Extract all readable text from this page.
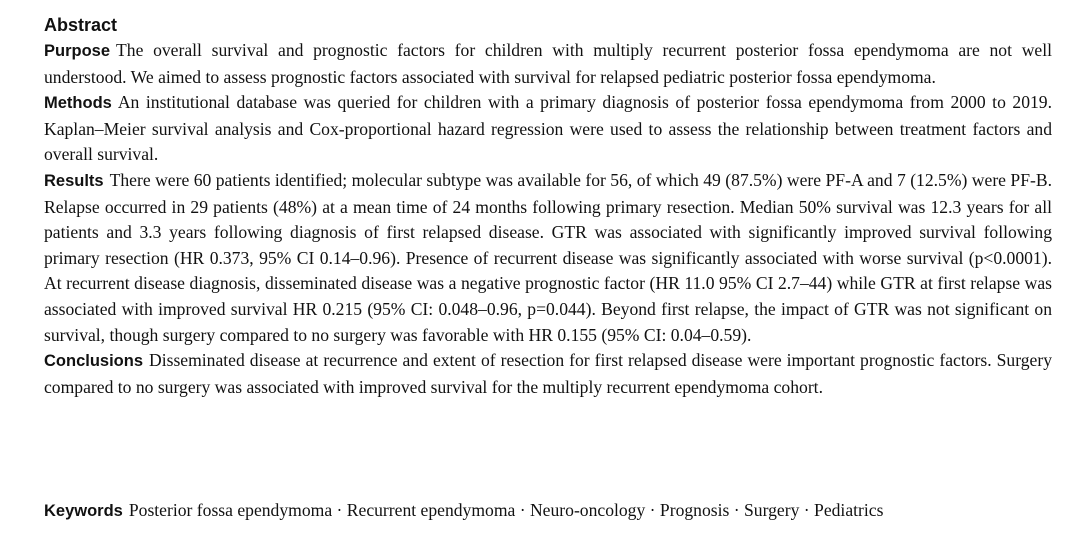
Abstract

Purpose The overall survival and prognostic factors for children with multiply recurrent posterior fossa ependymoma are not well understood. We aimed to assess prognostic factors associated with survival for relapsed pediatric posterior fossa ependymoma.

Methods An institutional database was queried for children with a primary diagnosis of posterior fossa ependymoma from 2000 to 2019. Kaplan–Meier survival analysis and Cox-proportional hazard regression were used to assess the relationship between treatment factors and overall survival.

Results There were 60 patients identified; molecular subtype was available for 56, of which 49 (87.5%) were PF-A and 7 (12.5%) were PF-B. Relapse occurred in 29 patients (48%) at a mean time of 24 months following primary resection. Median 50% survival was 12.3 years for all patients and 3.3 years following diagnosis of first relapsed disease. GTR was associated with significantly improved survival following primary resection (HR 0.373, 95% CI 0.14–0.96). Presence of recurrent disease was significantly associated with worse survival (p<0.0001). At recurrent disease diagnosis, disseminated disease was a negative prognostic factor (HR 11.0 95% CI 2.7–44) while GTR at first relapse was associated with improved survival HR 0.215 (95% CI: 0.048–0.96, p=0.044). Beyond first relapse, the impact of GTR was not significant on survival, though surgery compared to no surgery was favorable with HR 0.155 (95% CI: 0.04–0.59).

Conclusions Disseminated disease at recurrence and extent of resection for first relapsed disease were important prognostic factors. Surgery compared to no surgery was associated with improved survival for the multiply recurrent ependymoma cohort.

Keywords Posterior fossa ependymoma · Recurrent ependymoma · Neuro-oncology · Prognosis · Surgery · Pediatrics
